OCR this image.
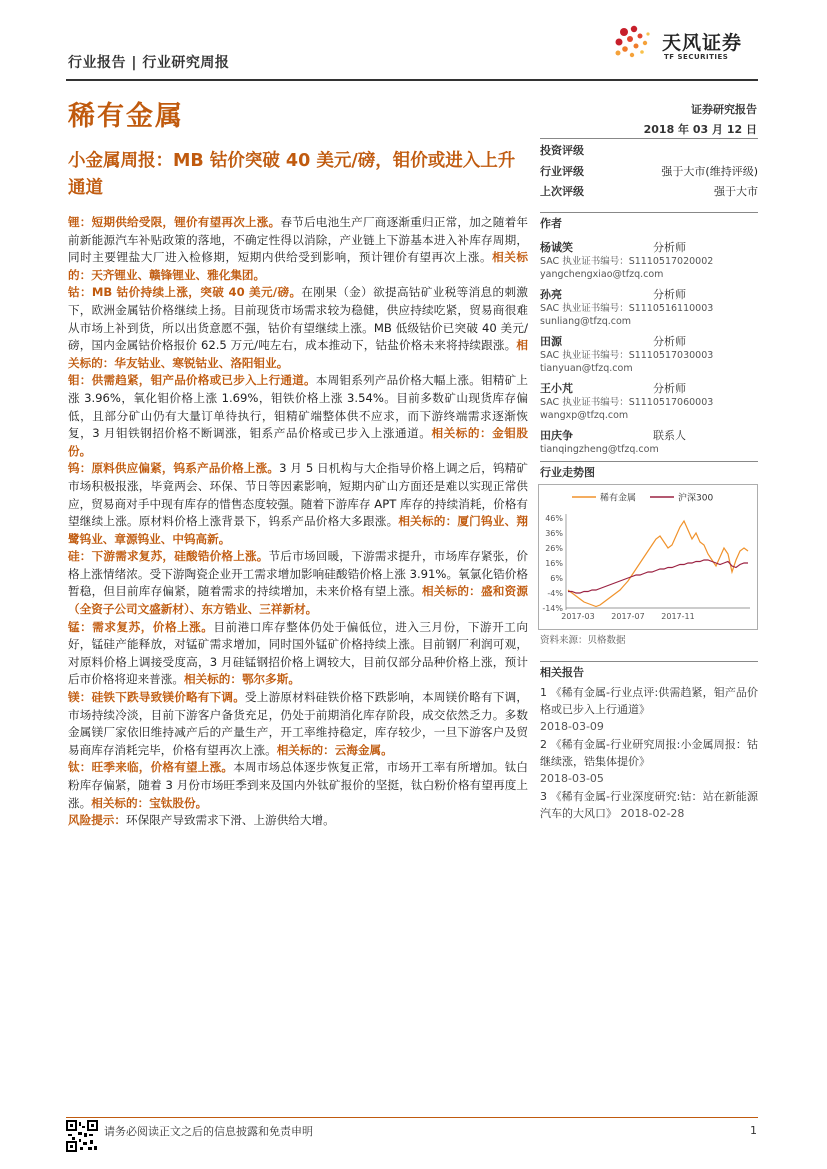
行业报告 | 行业研究周报
天风证券
TF SECURITIES
稀有金属	证券研究报告
2018 年 03 月 12 日
小金属周报：MB 钴价突破 40 美元/磅，钼价或进入上升通道

锂：短期供给受限，锂价有望再次上涨。春节后电池生产厂商逐渐重归正常，加之随着年前新能源汽车补贴政策的落地，不确定性得以消除，产业链上下游基本进入补库存周期，同时主要锂盐大厂进入检修期，短期内供给受到影响，预计锂价有望再次上涨。相关标的：天齐锂业、赣锋锂业、雅化集团。

钴：MB 钴价持续上涨，突破 40 美元/磅。在刚果（金）欲提高钴矿业税等消息的刺激下，欧洲金属钴价格继续上扬。目前现货市场需求较为稳健，供应持续吃紧，贸易商很难从市场上补到货，所以出货意愿不强，钴价有望继续上涨。MB 低级钴价已突破 40 美元/磅，国内金属钴价格报价 62.5 万元/吨左右，成本推动下，钴盐价格未来将持续跟涨。相关标的：华友钴业、寒锐钴业、洛阳钼业。

钼：供需趋紧，钼产品价格或已步入上行通道。本周钼系列产品价格大幅上涨。钼精矿上涨 3.96%，氧化钼价格上涨 1.69%，钼铁价格上涨 3.54%。目前多数矿山现货库存偏低，且部分矿山仍有大量订单待执行，钼精矿端整体供不应求，而下游终端需求逐渐恢复，3 月钼铁钢招价格不断调涨，钼系产品价格或已步入上涨通道。相关标的：金钼股份。

钨：原料供应偏紧，钨系产品价格上涨。3 月 5 日机构与大企指导价格上调之后，钨精矿市场积极报涨，毕竟两会、环保、节日等因素影响，短期内矿山方面还是难以实现正常供应，贸易商对手中现有库存的惜售态度较强。随着下游库存 APT 库存的持续消耗，价格有望继续上涨。原材料价格上涨背景下，钨系产品价格大多跟涨。相关标的：厦门钨业、翔鹭钨业、章源钨业、中钨高新。

硅：下游需求复苏，硅酸锆价格上涨。节后市场回暖，下游需求提升，市场库存紧张，价格上涨情绪浓。受下游陶瓷企业开工需求增加影响硅酸锆价格上涨 3.91%。氧氯化锆价格暂稳，但目前库存偏紧，随着需求的持续增加，未来价格有望上涨。相关标的：盛和资源（全资子公司文盛新材）、东方锆业、三祥新材。

锰：需求复苏，价格上涨。目前港口库存整体仍处于偏低位，进入三月份，下游开工向好，锰硅产能释放，对锰矿需求增加，同时国外锰矿价格持续上涨。目前钢厂利润可观，对原料价格上调接受度高，3 月硅锰钢招价格上调较大，目前仅部分品种价格上涨，预计后市价格将迎来普涨。相关标的：鄂尔多斯。

镁：硅铁下跌导致镁价略有下调。受上游原材料硅铁价格下跌影响，本周镁价略有下调，市场持续冷淡，目前下游客户备货充足，仍处于前期消化库存阶段，成交依然乏力。多数金属镁厂家依旧维持减产后的产量生产，开工率维持稳定，库存较少，一旦下游客户及贸易商库存消耗完毕，价格有望再次上涨。相关标的：云海金属。

钛：旺季来临，价格有望上涨。本周市场总体逐步恢复正常，市场开工率有所增加。钛白粉库存偏紧，随着 3 月份市场旺季到来及国内外钛矿报价的坚挺，钛白粉价格有望再度上涨。相关标的：宝钛股份。

风险提示：环保限产导致需求下滑、上游供给大增。

投资评级
行业评级	强于大市(维持评级)
上次评级	强于大市
作者
杨诚笑	分析师
SAC 执业证书编号：S1110517020002
yangchengxiao@tfzq.com
孙亮	分析师
SAC 执业证书编号：S1110516110003
sunliang@tfzq.com
田源	分析师
SAC 执业证书编号：S1110517030003
tianyuan@tfzq.com
王小芃	分析师
SAC 执业证书编号：S1110517060003
wangxp@tfzq.com
田庆争	联系人
tianqingzheng@tfzq.com
行业走势图
稀有金属	沪深300
46%
36%
26%
16%
6%
-4%
-14%
2017-03 2017-07 2017-11
资料来源：贝格数据
相关报告
1 《稀有金属-行业点评:供需趋紧，钼产品价格或已步入上行通道》
2018-03-09
2 《稀有金属-行业研究周报:小金属周报：钴继续涨，锆集体提价》
2018-03-05
3 《稀有金属-行业深度研究:钴：站在新能源汽车的大风口》 2018-02-28
请务必阅读正文之后的信息披露和免责申明	1
